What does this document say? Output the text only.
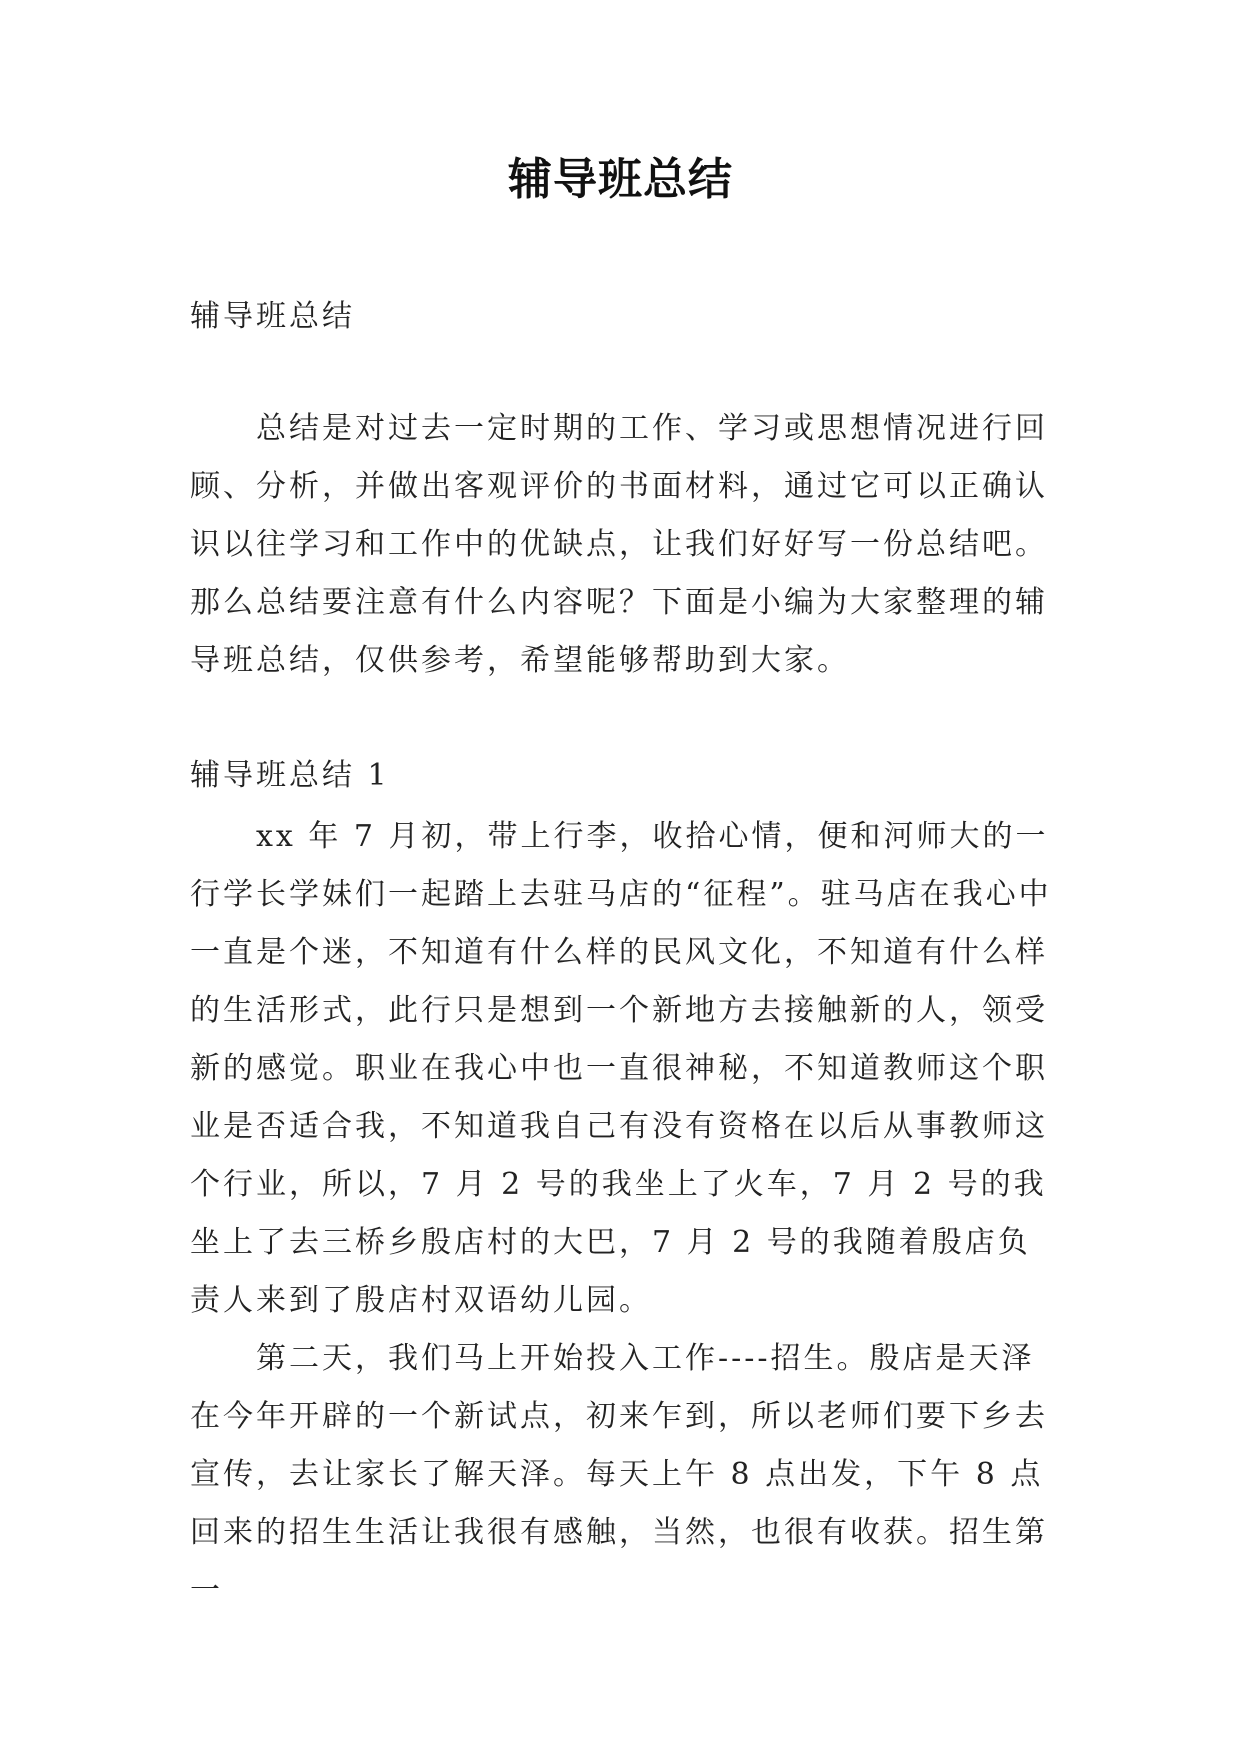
辅导班总结
辅导班总结
总结是对过去一定时期的工作、学习或思想情况进行回顾、分析，并做出客观评价的书面材料，通过它可以正确认识以往学习和工作中的优缺点，让我们好好写一份总结吧。那么总结要注意有什么内容呢？下面是小编为大家整理的辅导班总结，仅供参考，希望能够帮助到大家。
辅导班总结 1
xx 年 7 月初，带上行李，收拾心情，便和河师大的一行学长学妹们一起踏上去驻马店的“征程”。驻马店在我心中一直是个迷，不知道有什么样的民风文化，不知道有什么样的生活形式，此行只是想到一个新地方去接触新的人，领受新的感觉。职业在我心中也一直很神秘，不知道教师这个职业是否适合我，不知道我自己有没有资格在以后从事教师这个行业，所以，7 月 2 号的我坐上了火车，7 月 2 号的我坐上了去三桥乡殷店村的大巴，7 月 2 号的我随着殷店负责人来到了殷店村双语幼儿园。
第二天，我们马上开始投入工作----招生。殷店是天泽在今年开辟的一个新试点，初来乍到，所以老师们要下乡去宣传，去让家长了解天泽。每天上午 8 点出发，下午 8 点回来的招生生活让我很有感触，当然，也很有收获。招生第一
